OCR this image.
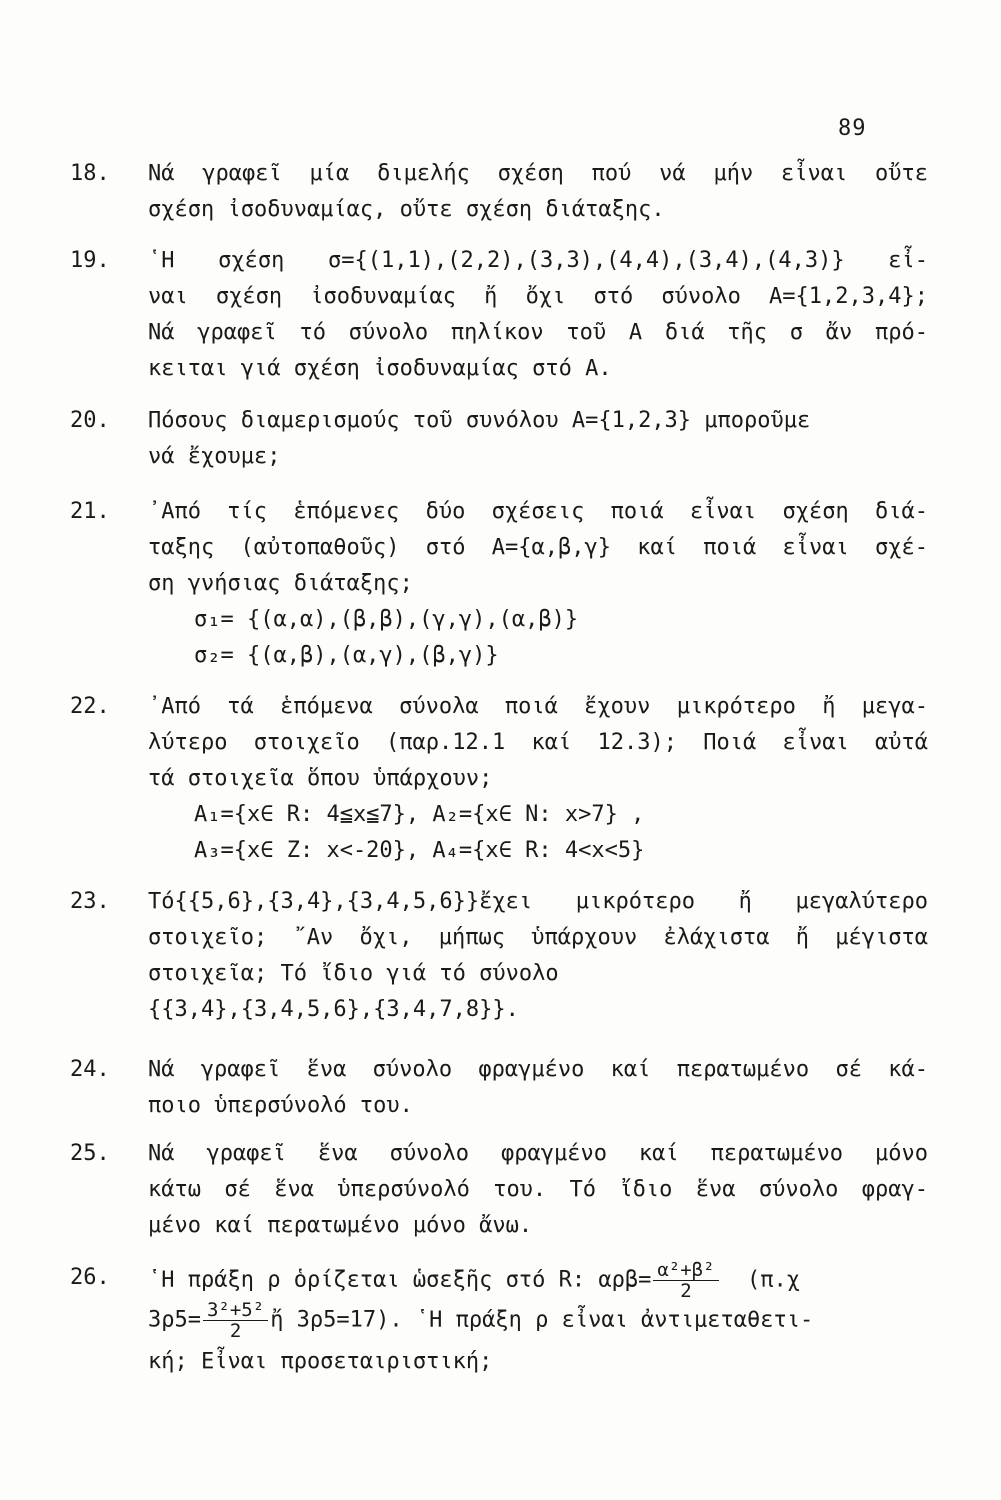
89
18.	Νά γραφεῖ μία διμελής σχέση πού νά μήν εἶναι οὔτε
σχέση ἰσοδυναμίας, οὔτε σχέση διάταξης.
19.	῾Η σχέση σ={(1,1),(2,2),(3,3),(4,4),(3,4),(4,3)} εἶ-
ναι σχέση ἰσοδυναμίας ἤ ὄχι στό σύνολο Α={1,2,3,4};
Νά γραφεῖ τό σύνολο πηλίκον τοῦ Α διά τῆς σ ἄν πρό-
κειται γιά σχέση ἰσοδυναμίας στό Α.
20.	Πόσους διαμερισμούς τοῦ συνόλου Α={1,2,3} μποροῦμε
νά ἔχουμε;
21.	᾿Από τίς ἑπόμενες δύο σχέσεις ποιά εἶναι σχέση διά-
ταξης (αὐτοπαθοῦς) στό Α={α,β,γ} καί ποιά εἶναι σχέ-
ση γνήσιας διάταξης;
σ₁= {(α,α),(β,β),(γ,γ),(α,β)}
σ₂= {(α,β),(α,γ),(β,γ)}
22.	᾿Από τά ἑπόμενα σύνολα ποιά ἔχουν μικρότερο ἤ μεγα-
λύτερο στοιχεῖο (παρ.12.1 καί 12.3); Ποιά εἶναι αὐτά
τά στοιχεῖα ὅπου ὑπάρχουν;
Α₁={x∈ R: 4≦x≦7}, Α₂={x∈ N: x>7} ,
Α₃={x∈ Z: x<-20}, Α₄={x∈ R: 4<x<5}
23.	Τό{{5,6},{3,4},{3,4,5,6}}ἔχει μικρότερο ἤ μεγαλύτερο
στοιχεῖο; ῎Αν ὄχι, μήπως ὑπάρχουν ἐλάχιστα ἤ μέγιστα
στοιχεῖα; Τό ἴδιο γιά τό σύνολο
{{3,4},{3,4,5,6},{3,4,7,8}}.
24.	Νά γραφεῖ ἕνα σύνολο φραγμένο καί περατωμένο σέ κά-
ποιο ὑπερσύνολό του.
25.	Νά γραφεῖ ἕνα σύνολο φραγμένο καί περατωμένο μόνο
κάτω σέ ἕνα ὑπερσύνολό του. Τό ἴδιο ἕνα σύνολο φραγ-
μένο καί περατωμένο μόνο ἄνω.
26.	῾Η πράξη ρ ὁρίζεται ὡσεξῆς στό R: $\alpha\rho\beta= \frac{\text{α²+β²}}{2} (\pi.\chi$
$3\rho 5= \frac{\text{3²+5²}}{2}$ ἤ 3ρ5=17). ῾Η πράξη ρ εἶναι ἀντιμεταθετι-
κή; Εἶναι προσεταιριστική;
